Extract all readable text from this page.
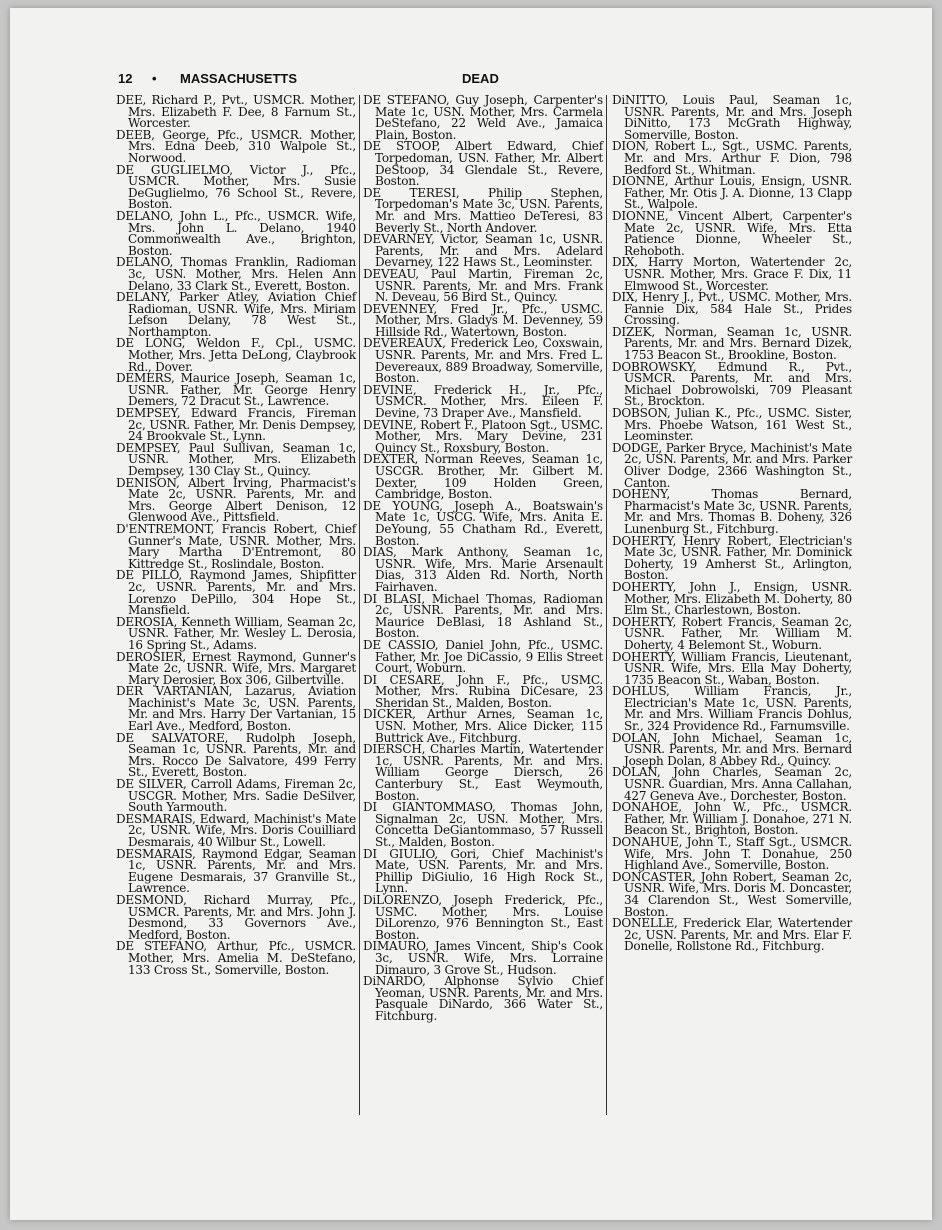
12 • MASSACHUSETTS	DEAD
DEE, Richard P., Pvt., USMCR. Mother, Mrs. Elizabeth F. Dee, 8 Farnum St., Worcester.
DEEB, George, Pfc., USMCR. Mother, Mrs. Edna Deeb, 310 Walpole St., Norwood.
DE GUGLIELMO, Victor J., Pfc., USMCR. Mother, Mrs. Susie DeGuglielmo, 76 School St., Revere, Boston.
DELANO, John L., Pfc., USMCR. Wife, Mrs. John L. Delano, 1940 Commonwealth Ave., Brighton, Boston.
DELANO, Thomas Franklin, Radioman 3c, USN. Mother, Mrs. Helen Ann Delano, 33 Clark St., Everett, Boston.
DELANY, Parker Atley, Aviation Chief Radioman, USNR. Wife, Mrs. Miriam Lefson Delany, 78 West St., Northampton.
DE LONG, Weldon F., Cpl., USMC. Mother, Mrs. Jetta DeLong, Claybrook Rd., Dover.
DEMERS, Maurice Joseph, Seaman 1c, USNR. Father, Mr. George Henry Demers, 72 Dracut St., Lawrence.
DEMPSEY, Edward Francis, Fireman 2c, USNR. Father, Mr. Denis Dempsey, 24 Brookvale St., Lynn.
DEMPSEY, Paul Sullivan, Seaman 1c, USNR. Mother, Mrs. Elizabeth Dempsey, 130 Clay St., Quincy.
DENISON, Albert Irving, Pharmacist's Mate 2c, USNR. Parents, Mr. and Mrs. George Albert Denison, 12 Glenwood Ave., Pittsfield.
D'ENTREMONT, Francis Robert, Chief Gunner's Mate, USNR. Mother, Mrs. Mary Martha D'Entremont, 80 Kittredge St., Roslindale, Boston.
DE PILLO, Raymond James, Shipfitter 2c, USNR. Parents, Mr. and Mrs. Lorenzo DePillo, 304 Hope St., Mansfield.
DEROSIA, Kenneth William, Seaman 2c, USNR. Father, Mr. Wesley L. Derosia, 16 Spring St., Adams.
DEROSIER, Ernest Raymond, Gunner's Mate 2c, USNR. Wife, Mrs. Margaret Mary Derosier, Box 306, Gilbertville.
DER VARTANIAN, Lazarus, Aviation Machinist's Mate 3c, USN. Parents, Mr. and Mrs. Harry Der Vartanian, 15 Earl Ave., Medford, Boston.
DE SALVATORE, Rudolph Joseph, Seaman 1c, USNR. Parents, Mr. and Mrs. Rocco De Salvatore, 499 Ferry St., Everett, Boston.
DE SILVER, Carroll Adams, Fireman 2c, USCGR. Mother, Mrs. Sadie DeSilver, South Yarmouth.
DESMARAIS, Edward, Machinist's Mate 2c, USNR. Wife, Mrs. Doris Couilliard Desmarais, 40 Wilbur St., Lowell.
DESMARAIS, Raymond Edgar, Seaman 1c, USNR. Parents, Mr. and Mrs. Eugene Desmarais, 37 Granville St., Lawrence.
DESMOND, Richard Murray, Pfc., USMCR. Parents, Mr. and Mrs. John J. Desmond, 33 Governors Ave., Medford, Boston.
DE STEFANO, Arthur, Pfc., USMCR. Mother, Mrs. Amelia M. DeStefano, 133 Cross St., Somerville, Boston.
DE STEFANO, Guy Joseph, Carpenter's Mate 1c, USN. Mother, Mrs. Carmela DeStefano, 22 Weld Ave., Jamaica Plain, Boston.
DE STOOP, Albert Edward, Chief Torpedoman, USN. Father, Mr. Albert DeStoop, 34 Glendale St., Revere, Boston.
DE TERESI, Philip Stephen, Torpedoman's Mate 3c, USN. Parents, Mr. and Mrs. Mattieo DeTeresi, 83 Beverly St., North Andover.
DEVARNEY, Victor, Seaman 1c, USNR. Parents, Mr. and Mrs. Adelard Devarney, 122 Haws St., Leominster.
DEVEAU, Paul Martin, Fireman 2c, USNR. Parents, Mr. and Mrs. Frank N. Deveau, 56 Bird St., Quincy.
DEVENNEY, Fred Jr., Pfc., USMC. Mother, Mrs. Gladys M. Devenney, 59 Hillside Rd., Watertown, Boston.
DEVEREAUX, Frederick Leo, Coxswain, USNR. Parents, Mr. and Mrs. Fred L. Devereaux, 889 Broadway, Somerville, Boston.
DEVINE, Frederick H., Jr., Pfc., USMCR. Mother, Mrs. Eileen F. Devine, 73 Draper Ave., Mansfield.
DEVINE, Robert F., Platoon Sgt., USMC. Mother, Mrs. Mary Devine, 231 Quincy St., Roxsbury, Boston.
DEXTER, Norman Reeves, Seaman 1c, USCGR. Brother, Mr. Gilbert M. Dexter, 109 Holden Green, Cambridge, Boston.
DE YOUNG, Joseph A., Boatswain's Mate 1c, USCG. Wife, Mrs. Anita E. DeYoung, 55 Chatham Rd., Everett, Boston.
DIAS, Mark Anthony, Seaman 1c, USNR. Wife, Mrs. Marie Arsenault Dias, 313 Alden Rd. North, North Fairhaven.
DI BLASI, Michael Thomas, Radioman 2c, USNR. Parents, Mr. and Mrs. Maurice DeBlasi, 18 Ashland St., Boston.
DE CASSIO, Daniel John, Pfc., USMC. Father, Mr. Joe DiCassio, 9 Ellis Street Court, Woburn.
DI CESARE, John F., Pfc., USMC. Mother, Mrs. Rubina DiCesare, 23 Sheridan St., Malden, Boston.
DICKER, Arthur Arnes, Seaman 1c, USN. Mother, Mrs. Alice Dicker, 115 Buttrick Ave., Fitchburg.
DIERSCH, Charles Martin, Watertender 1c, USNR. Parents, Mr. and Mrs. William George Diersch, 26 Canterbury St., East Weymouth, Boston.
DI GIANTOMMASO, Thomas John, Signalman 2c, USN. Mother, Mrs. Concetta DeGiantommaso, 57 Russell St., Malden, Boston.
DI GIULIO, Gori, Chief Machinist's Mate, USN. Parents, Mr. and Mrs. Phillip DiGiulio, 16 High Rock St., Lynn.
DiLORENZO, Joseph Frederick, Pfc., USMC. Mother, Mrs. Louise DiLorenzo, 976 Bennington St., East Boston.
DIMAURO, James Vincent, Ship's Cook 3c, USNR. Wife, Mrs. Lorraine Dimauro, 3 Grove St., Hudson.
DiNARDO, Alphonse Sylvio Chief Yeoman, USNR. Parents, Mr. and Mrs. Pasquale DiNardo, 366 Water St., Fitchburg.
DiNITTO, Louis Paul, Seaman 1c, USNR. Parents, Mr. and Mrs. Joseph DiNitto, 173 McGrath Highway, Somerville, Boston.
DION, Robert L., Sgt., USMC. Parents, Mr. and Mrs. Arthur F. Dion, 798 Bedford St., Whitman.
DIONNE, Arthur Louis, Ensign, USNR. Father, Mr. Otis J. A. Dionne, 13 Clapp St., Walpole.
DIONNE, Vincent Albert, Carpenter's Mate 2c, USNR. Wife, Mrs. Etta Patience Dionne, Wheeler St., Rehoboth.
DIX, Harry Morton, Watertender 2c, USNR. Mother, Mrs. Grace F. Dix, 11 Elmwood St., Worcester.
DIX, Henry J., Pvt., USMC. Mother, Mrs. Fannie Dix, 584 Hale St., Prides Crossing.
DIZEK, Norman, Seaman 1c, USNR. Parents, Mr. and Mrs. Bernard Dizek, 1753 Beacon St., Brookline, Boston.
DOBROWSKY, Edmund R., Pvt., USMCR. Parents, Mr. and Mrs. Michael Dobrowolski, 709 Pleasant St., Brockton.
DOBSON, Julian K., Pfc., USMC. Sister, Mrs. Phoebe Watson, 161 West St., Leominster.
DODGE, Parker Bryce, Machinist's Mate 2c, USN. Parents, Mr. and Mrs. Parker Oliver Dodge, 2366 Washington St., Canton.
DOHENY, Thomas Bernard, Pharmacist's Mate 3c, USNR. Parents, Mr. and Mrs. Thomas B. Doheny, 326 Lunenburg St., Fitchburg.
DOHERTY, Henry Robert, Electrician's Mate 3c, USNR. Father, Mr. Dominick Doherty, 19 Amherst St., Arlington, Boston.
DOHERTY, John J., Ensign, USNR. Mother, Mrs. Elizabeth M. Doherty, 80 Elm St., Charlestown, Boston.
DOHERTY, Robert Francis, Seaman 2c, USNR. Father, Mr. William M. Doherty, 4 Belemont St., Woburn.
DOHERTY, William Francis, Lieutenant, USNR. Wife, Mrs. Ella May Doherty, 1735 Beacon St., Waban, Boston.
DOHLUS, William Francis, Jr., Electrician's Mate 1c, USN. Parents, Mr. and Mrs. William Francis Dohlus, Sr., 324 Providence Rd., Farnumsville.
DOLAN, John Michael, Seaman 1c, USNR. Parents, Mr. and Mrs. Bernard Joseph Dolan, 8 Abbey Rd., Quincy.
DOLAN, John Charles, Seaman 2c, USNR. Guardian, Mrs. Anna Callahan, 427 Geneva Ave., Dorchester, Boston.
DONAHOE, John W., Pfc., USMCR. Father, Mr. William J. Donahoe, 271 N. Beacon St., Brighton, Boston.
DONAHUE, John T., Staff Sgt., USMCR. Wife, Mrs. John T. Donahue, 250 Highland Ave., Somerville, Boston.
DONCASTER, John Robert, Seaman 2c, USNR. Wife, Mrs. Doris M. Doncaster, 34 Clarendon St., West Somerville, Boston.
DONELLE, Frederick Elar, Watertender 2c, USN. Parents, Mr. and Mrs. Elar F. Donelle, Rollstone Rd., Fitchburg.
